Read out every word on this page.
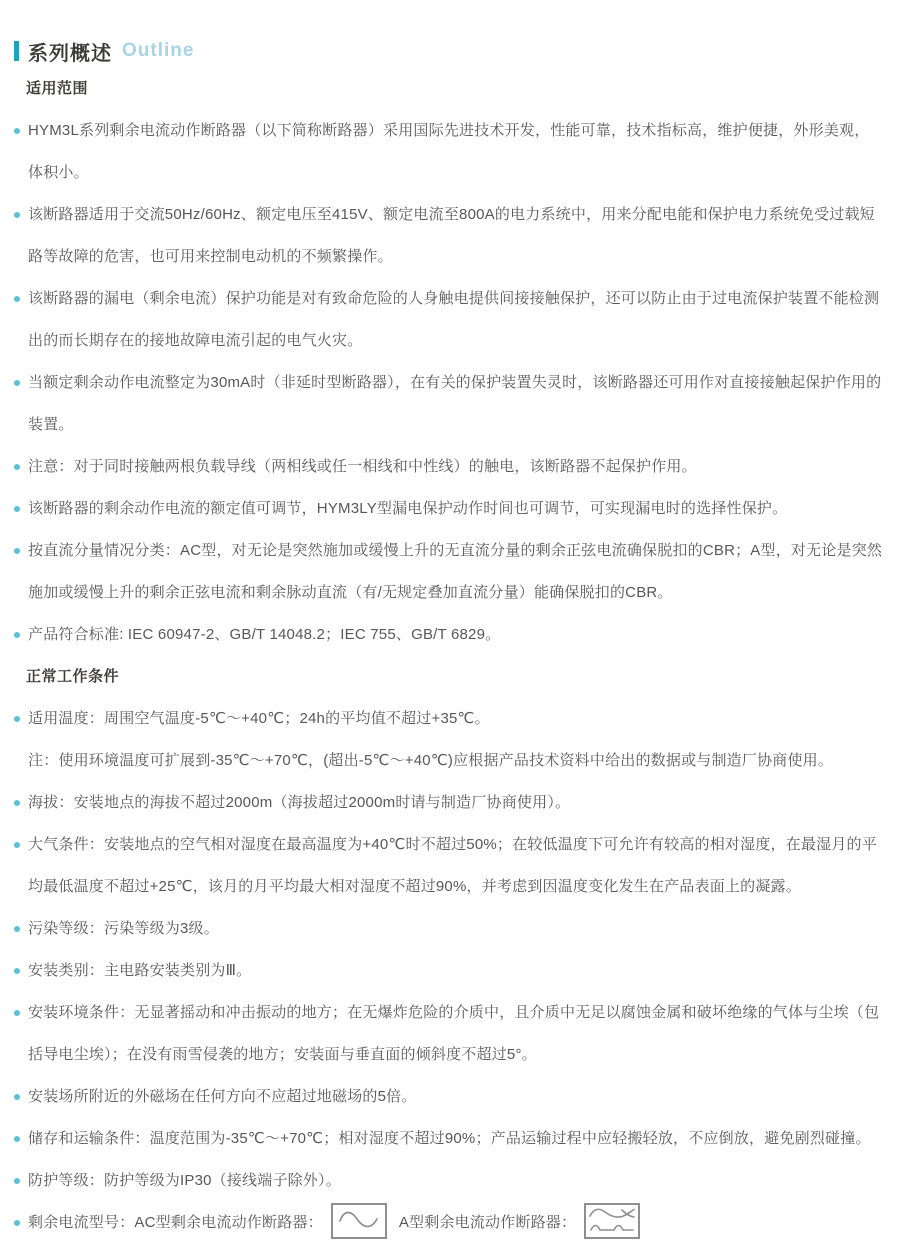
系列概述 Outline
适用范围
HYM3L系列剩余电流动作断路器（以下简称断路器）采用国际先进技术开发，性能可靠，技术指标高，维护便捷，外形美观，体积小。
该断路器适用于交流50Hz/60Hz、额定电压至415V、额定电流至800A的电力系统中，用来分配电能和保护电力系统免受过载短路等故障的危害，也可用来控制电动机的不频繁操作。
该断路器的漏电（剩余电流）保护功能是对有致命危险的人身触电提供间接接触保护，还可以防止由于过电流保护装置不能检测出的而长期存在的接地故障电流引起的电气火灾。
当额定剩余动作电流整定为30mA时（非延时型断路器），在有关的保护装置失灵时，该断路器还可用作对直接接触起保护作用的装置。
注意：对于同时接触两根负载导线（两相线或任一相线和中性线）的触电，该断路器不起保护作用。
该断路器的剩余动作电流的额定值可调节，HYM3LY型漏电保护动作时间也可调节，可实现漏电时的选择性保护。
按直流分量情况分类：AC型，对无论是突然施加或缓慢上升的无直流分量的剩余正弦电流确保脱扣的CBR；A型，对无论是突然施加或缓慢上升的剩余正弦电流和剩余脉动直流（有/无规定叠加直流分量）能确保脱扣的CBR。
产品符合标准: IEC 60947-2、GB/T 14048.2；IEC 755、GB/T 6829。
正常工作条件
适用温度：周围空气温度-5℃～+40℃；24h的平均值不超过+35℃。
注：使用环境温度可扩展到-35℃～+70℃，(超出-5℃～+40℃)应根据产品技术资料中给出的数据或与制造厂协商使用。
海拔：安装地点的海拔不超过2000m（海拔超过2000m时请与制造厂协商使用）。
大气条件：安装地点的空气相对湿度在最高温度为+40℃时不超过50%；在较低温度下可允许有较高的相对湿度，在最湿月的平均最低温度不超过+25℃，该月的月平均最大相对湿度不超过90%，并考虑到因温度变化发生在产品表面上的凝露。
污染等级：污染等级为3级。
安装类别：主电路安装类别为Ⅲ。
安装环境条件：无显著摇动和冲击振动的地方；在无爆炸危险的介质中，且介质中无足以腐蚀金属和破坏绝缘的气体与尘埃（包括导电尘埃）；在没有雨雪侵袭的地方；安装面与垂直面的倾斜度不超过5°。
安装场所附近的外磁场在任何方向不应超过地磁场的5倍。
储存和运输条件：温度范围为-35℃～+70℃；相对湿度不超过90%；产品运输过程中应轻搬轻放，不应倒放，避免剧烈碰撞。
防护等级：防护等级为IP30（接线端子除外）。
剩余电流型号：AC型剩余电流动作断路器：	A型剩余电流动作断路器：
